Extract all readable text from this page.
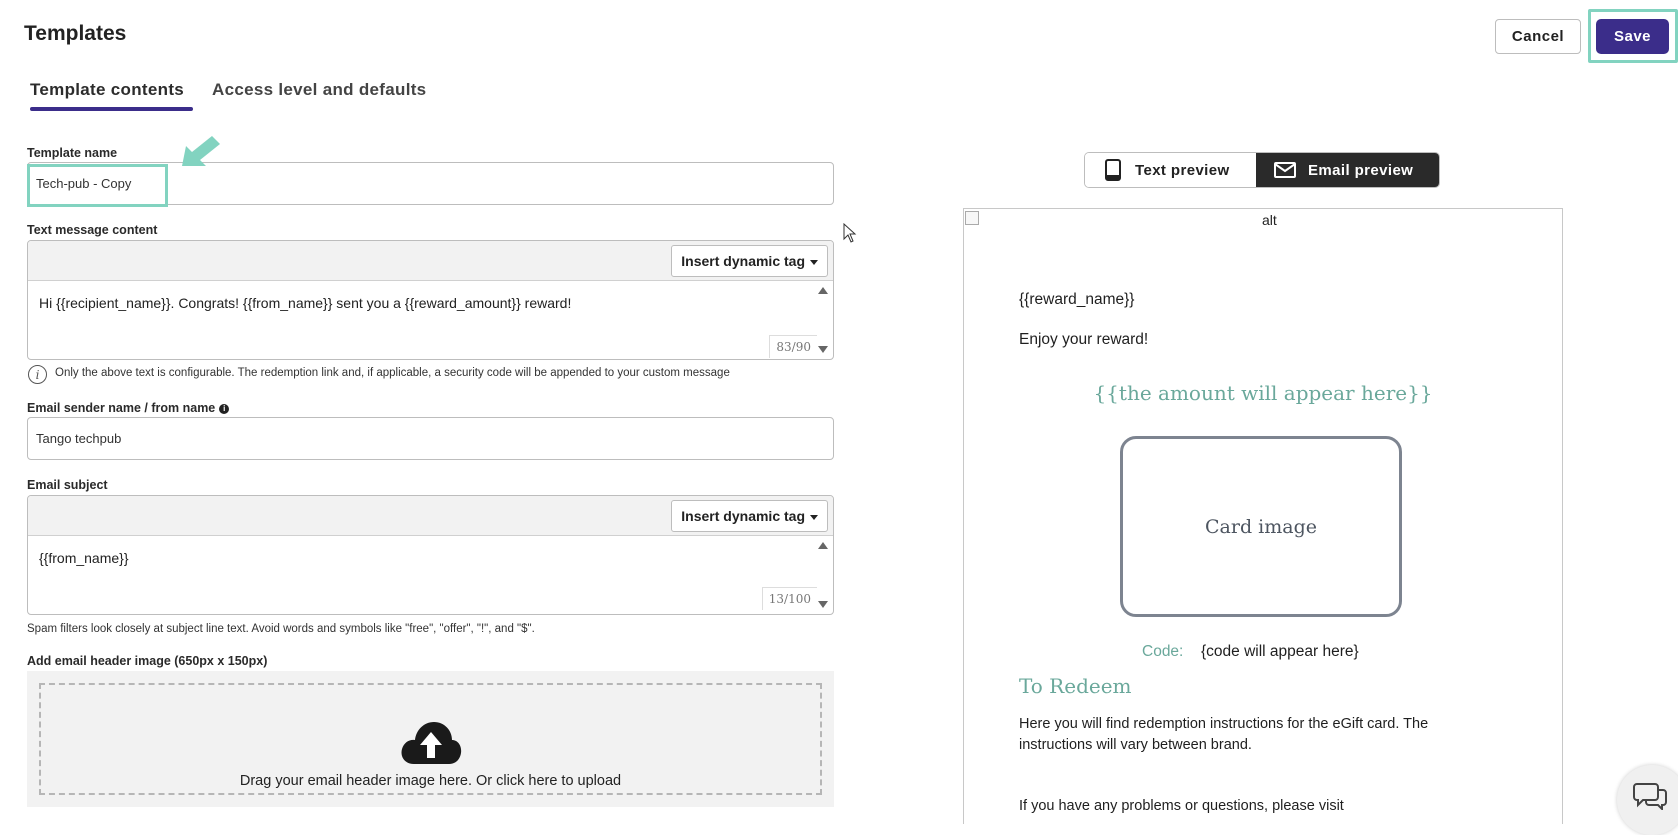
Templates	Cancel	Save
Template contents Access level and defaults
Template name
Tech-pub - Copy
Text message content
Insert dynamic tag
Hi {{recipient_name}}. Congrats! {{from_name}} sent you a {{reward_amount}} reward!
83/90
i	Only the above text is configurable. The redemption link and, if applicable, a security code will be appended to your custom message
Email sender name / from name i
Tango techpub
Email subject
Insert dynamic tag
{{from_name}}
13/100
Spam filters look closely at subject line text. Avoid words and symbols like "free", "offer", "!", and "$".
Add email header image (650px x 150px)
Drag your email header image here. Or click here to upload
Text preview	Email preview
alt
{{reward_name}}
Enjoy your reward!
{{the amount will appear here}}
Card image
Code: {code will appear here}
To Redeem
Here you will find redemption instructions for the eGift card. The instructions will vary between brand.
If you have any problems or questions, please visit
